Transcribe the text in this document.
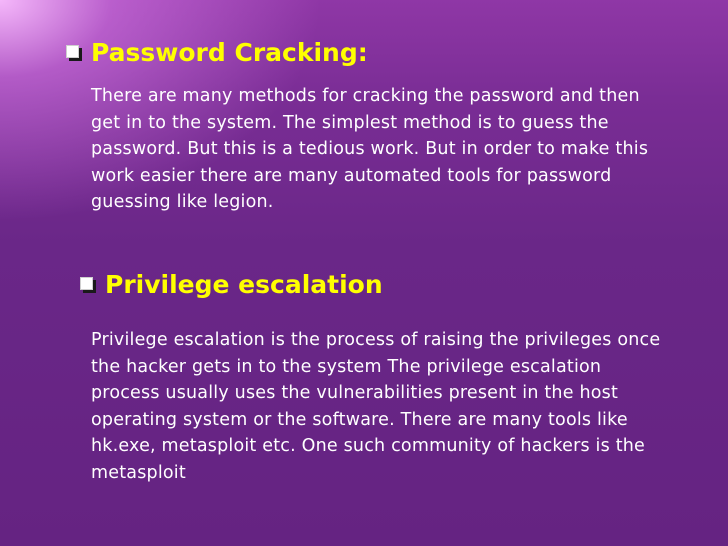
Password Cracking:
There are many methods for cracking the password and then
get in to the system. The simplest method is to guess the
password. But this is a tedious work. But in order to make this
work easier there are many automated tools for password
guessing like legion.
Privilege escalation
Privilege escalation is the process of raising the privileges once
the hacker gets in to the system The privilege escalation
process usually uses the vulnerabilities present in the host
operating system or the software. There are many tools like
hk.exe, metasploit etc. One such community of hackers is the
metasploit
